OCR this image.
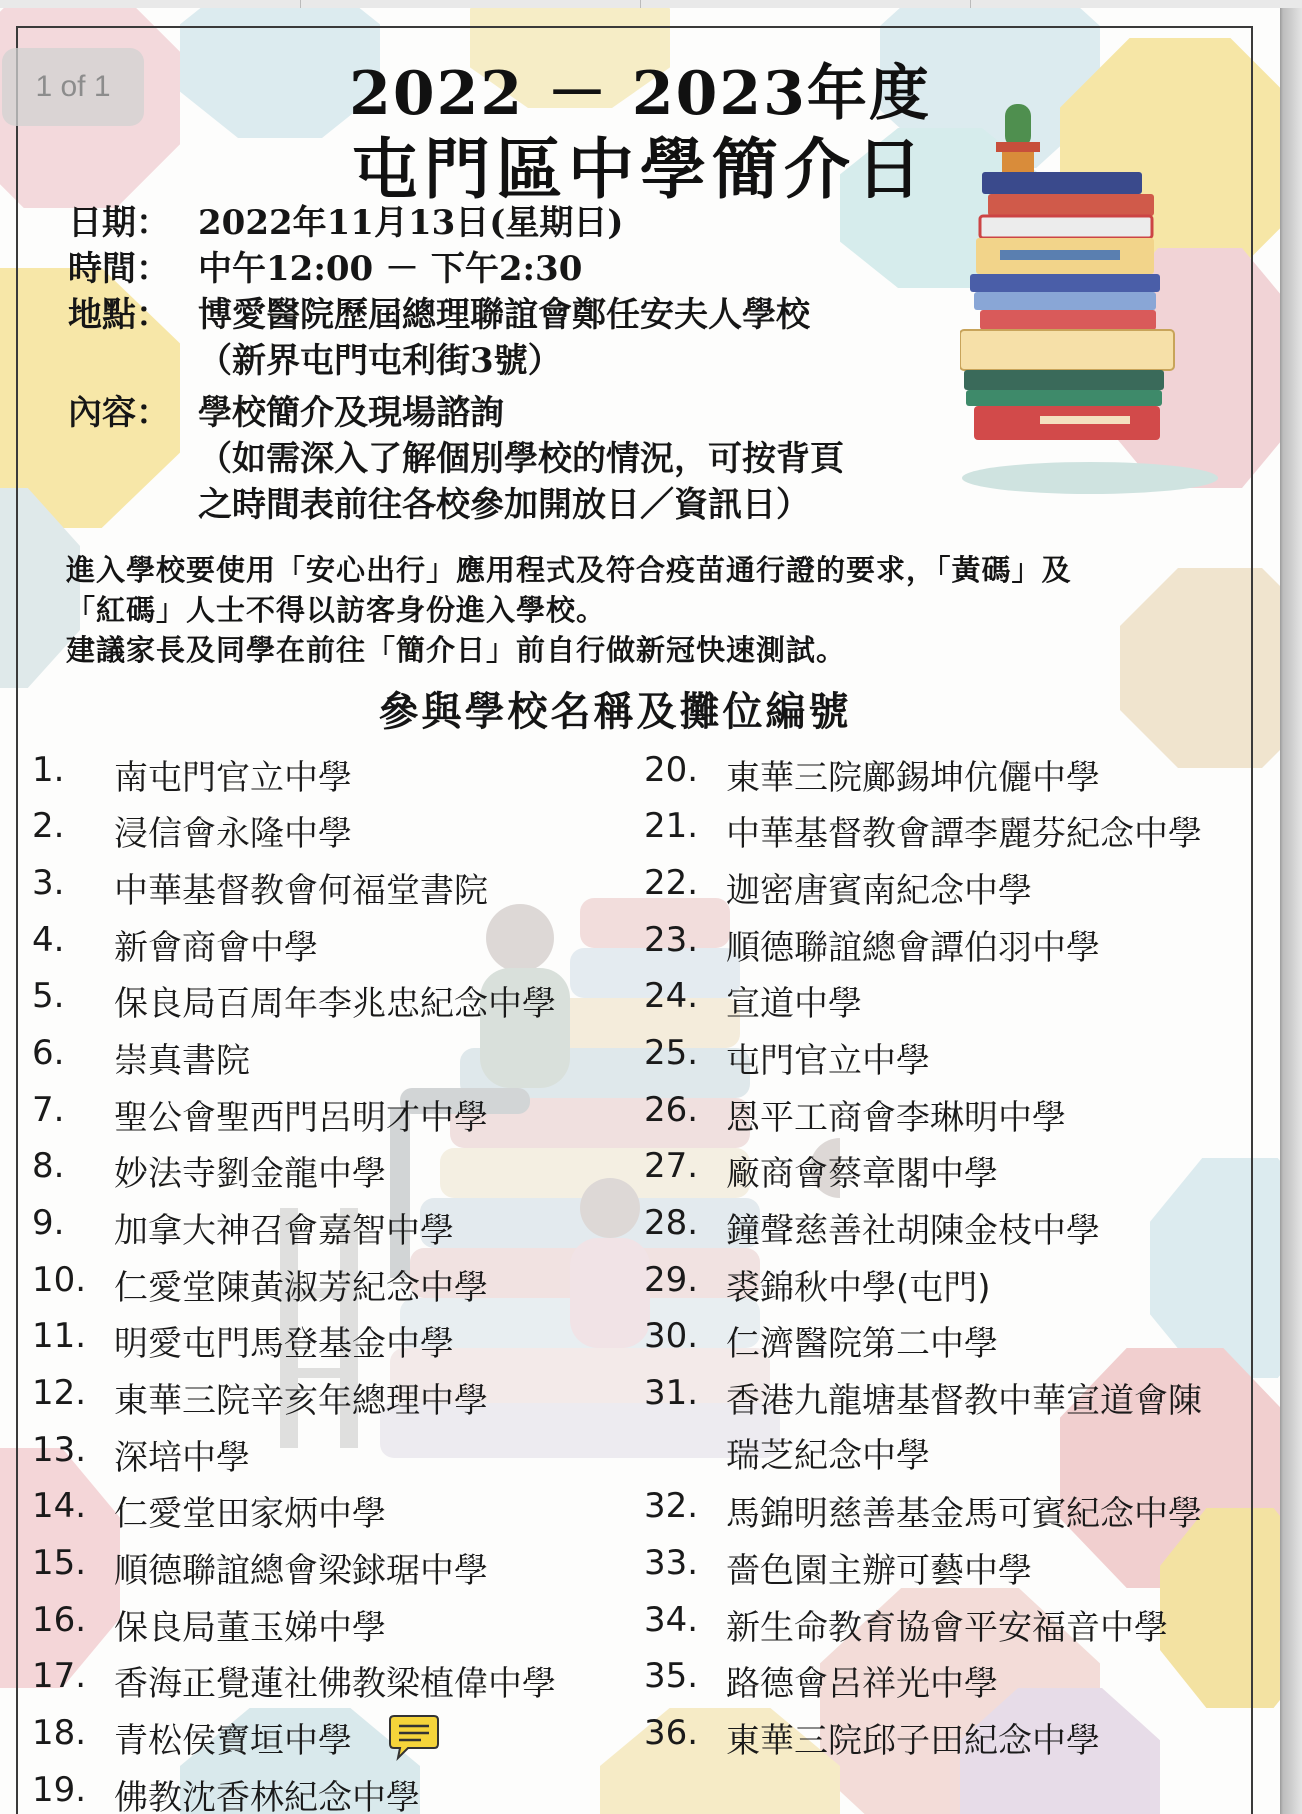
1 of 1	2022 － 2023年度
屯門區中學簡介日
日期： 2022年11月13日(星期日)
時間： 中午12:00 － 下午2:30
地點： 博愛醫院歷屆總理聯誼會鄭任安夫人學校
（新界屯門屯利街3號）
內容： 學校簡介及現場諮詢
（如需深入了解個別學校的情況，可按背頁
之時間表前往各校參加開放日／資訊日）
進入學校要使用「安心出行」應用程式及符合疫苗通行證的要求，「黃碼」及
「紅碼」人士不得以訪客身份進入學校。
建議家長及同學在前往「簡介日」前自行做新冠快速測試。
參與學校名稱及攤位編號
1. 南屯門官立中學
2. 浸信會永隆中學
3. 中華基督教會何福堂書院
4. 新會商會中學
5. 保良局百周年李兆忠紀念中學
6. 崇真書院
7. 聖公會聖西門呂明才中學
8. 妙法寺劉金龍中學
9. 加拿大神召會嘉智中學
10. 仁愛堂陳黃淑芳紀念中學
11. 明愛屯門馬登基金中學
12. 東華三院辛亥年總理中學
13. 深培中學
14. 仁愛堂田家炳中學
15. 順德聯誼總會梁銶琚中學
16. 保良局董玉娣中學
17. 香海正覺蓮社佛教梁植偉中學
18. 青松侯寶垣中學
19. 佛教沈香林紀念中學
20. 東華三院鄺錫坤伉儷中學
21. 中華基督教會譚李麗芬紀念中學
22. 迦密唐賓南紀念中學
23. 順德聯誼總會譚伯羽中學
24. 宣道中學
25. 屯門官立中學
26. 恩平工商會李琳明中學
27. 廠商會蔡章閣中學
28. 鐘聲慈善社胡陳金枝中學
29. 裘錦秋中學(屯門)
30. 仁濟醫院第二中學
31. 香港九龍塘基督教中華宣道會陳
瑞芝紀念中學
32. 馬錦明慈善基金馬可賓紀念中學
33. 嗇色園主辦可藝中學
34. 新生命教育協會平安福音中學
35. 路德會呂祥光中學
36. 東華三院邱子田紀念中學
